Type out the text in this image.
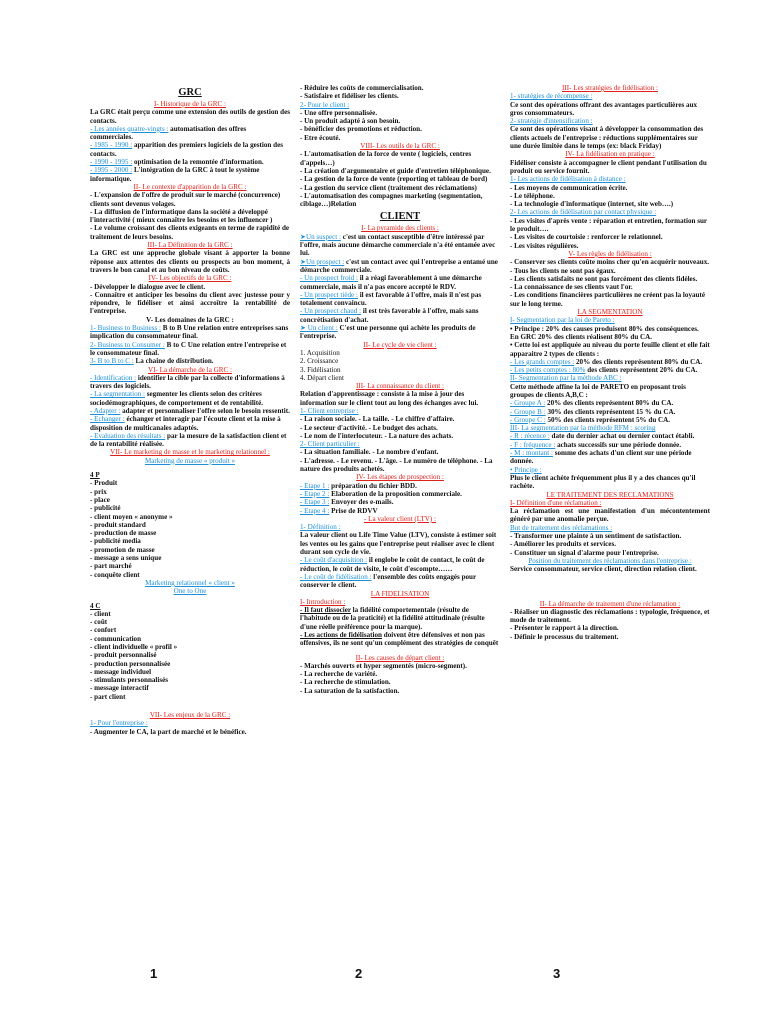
GRC
I- Historique de la GRC :
La GRC était perçu comme une extension des outils de gestion des contacts.
- Les années quatre-vingts : automatisation des offres commerciales.
- 1985 - 1990 : apparition des premiers logiciels de la gestion des contacts.
- 1990 - 1995 : optimisation de la remontée d'information.
- 1995 - 2000 : L'intégration de la GRC à tout le système informatique.
II- Le contexte d'apparition de la GRC :
- L'expansion de l'offre de produit sur le marché (concurrence) clients sont devenus volages.
- La diffusion de l'informatique dans la société a développé l'interactivité ( mieux connaître les besoins et les influencer )
- Le volume croissant des clients exigeants en terme de rapidité de traitement de leurs besoins.
III- La Définition de la GRC :
La GRC est une approche globale visant à apporter la bonne réponse aux attentes des clients ou prospects au bon moment, à travers le bon canal et au bon niveau de coûts.
IV- Les objectifs de la GRC :
- Développer le dialogue avec le client.
- Connaître et anticiper les besoins du client avec justesse pour y répondre, le fidéliser et ainsi accroître la rentabilité de l'entreprise.
V- Les domaines de la GRC :
1- Business to Business : B to B Une relation entre entreprises sans implication du consommateur final.
2- Business to Consumer : B to C Une relation entre l'entreprise et le consommateur final.
3- B to B to C : La chaine de distribution.
VI- La démarche de la GRC :
- Identification : identifier la cible par la collecte d'informations à travers des logiciels.
- La segmentation : segmenter les clients selon des critères sociodémographiques, de comportement et de rentabilité.
- Adapter : adapter et personnaliser l'offre selon le besoin ressentit.
- Echanger : échanger et interagir par l'écoute client et la mise à disposition de multicanales adaptés.
- Evaluation des résultats : par la mesure de la satisfaction client et de la rentabilité réalisée.
VII- Le marketing de masse et le marketing relationnel :
Marketing de masse « produit »
4 P
- Produit
- prix
- place
- publicité
- client moyen « anonyme »
- produit standard
- production de masse
- publicité media
- promotion de masse
- message a sens unique
- part marché
- conquête client
Marketing relationnel « client »
One to One
4 C
- client
- coût
- confort
- communication
- client individuelle « profil »
- produit personnalisé
- production personnalisée
- message individuel
- stimulants personnalisés
- message interactif
- part client
VII- Les enjeux de la GRC :
1- Pour l'entreprise :
- Augmenter le CA, la part de marché et le bénéfice.
- Réduire les coûts de commercialisation.
- Satisfaire et fidéliser les clients.
2- Pour le client :
- Une offre personnalisée.
- Un produit adapté à son besoin.
- bénéficier des promotions et réduction.
- Etre écouté.
VIII- Les outils de la GRC :
- L'automatisation de la force de vente ( logiciels, centres d'appels…)
- La création d'argumentaire et guide d'entretien téléphonique.
- La gestion de la force de vente (reporting et tableau de bord)
- La gestion du service client (traitement des réclamations)
- L'automatisation des compagnes marketing (segmentation, ciblage…)Relation
CLIENT
I- La pyramide des clients :
➤Un suspect : c'est un contact susceptible d'être intéressé par l'offre, mais aucune démarche commerciale n'a été entamée avec lui.
➤Un prospect : c'est un contact avec qui l'entreprise a entamé une démarche commerciale.
- Un prospect froid : il a réagi favorablement à une démarche commerciale, mais il n'a pas encore accepté le RDV.
- Un prospect tiède : il est favorable à l'offre, mais il n'est pas totalement convaincu.
- Un prospect chaud : il est très favorable à l'offre, mais sans concrétisation d'achat.
➤ Un client : C'est une personne qui achète les produits de l'entreprise.
II- Le cycle de vie client :
1. Acquisition
2. Croissance
3. Fidélisation
4. Départ client
III- La connaissance du client :
Relation d'apprentissage : consiste à la mise à jour des information sur le client tout au long des échanges avec lui.
1- Client entreprise :
- La raison sociale. - La taille. - Le chiffre d'affaire.
- Le secteur d'activité. - Le budget des achats.
- Le nom de l'interlocuteur. - La nature des achats.
2- Client particulier :
- La situation familiale. - Le nombre d'enfant.
- L'adresse. - Le revenu. - L'âge. - Le numéro de téléphone. - La nature des produits achetés.
IV- Les étapes de prospection :
- Etape 1 : préparation du fichier BDD.
- Etape 2 : Elaboration de la proposition commerciale.
- Etape 3 : Envoyer des e-mails.
- Etape 4 : Prise de RDVV
- La valeur client (LTV) :
1- Définition :
La valeur client ou Life Time Value (LTV), consiste à estimer soit les ventes ou les gains que l'entreprise peut réaliser avec le client durant son cycle de vie.
- Le coût d'acquisition : il englobe le coût de contact, le coût de réduction, le coût de visite, le coût d'escompte……
- Le coût de fidélisation : l'ensemble des coûts engagés pour conserver le client.
LA FIDELISATION
I- Introduction :
- Il faut dissocier la fidélité comportementale (résulte de l'habitude ou de la praticité) et la fidélité attitudinale (résulte d'une réelle préférence pour la marque).
- Les actions de fidélisation doivent être défensives et non pas offensives, ils ne sont qu'un complément des stratégies de conquêt
II- Les causes de départ client :
- Marchés ouverts et hyper segmentés (micro-segment).
- La recherche de variété.
- La recherche de stimulation.
- La saturation de la satisfaction.
III- Les stratégies de fidélisation :
1- stratégies de récompense :
Ce sont des opérations offrant des avantages particulières aux gros consommateurs.
2- stratégie d'intensification :
Ce sont des opérations visant à développer la consommation des clients actuels de l'entreprise : réductions supplémentaires sur une durée limitée dans le temps (ex: black Friday)
IV- La fidélisation en pratique :
Fidéliser consiste à accompagner le client pendant l'utilisation du produit ou service fournit.
1- Les actions de fidélisation à distance :
- Les moyens de communication écrite.
- Le téléphone.
- La technologie d'informatique (internet, site web….)
2- Les actions de fidélisation par contact physique :
- Les visites d'après vente : réparation et entretien, formation sur le produit….
- Les visites de courtoisie : renforcer le relationnel.
- Les visites régulières.
V- Les règles de fidélisation :
- Conserver ses clients coûte moins cher qu'en acquérir nouveaux.
- Tous les clients ne sont pas égaux.
- Les clients satisfaits ne sont pas forcément des clients fidèles.
- La connaissance de ses clients vaut l'or.
- Les conditions financières particulières ne créent pas la loyauté sur le long terme.
LA SEGMENTATION
I- Segmentation par la loi de Pareto :
• Principe : 20% des causes produisent 80% des conséquences.
En GRC 20% des clients réalisent 80% du CA.
• Cette loi est appliquée au niveau du porte feuille client et elle fait apparaitre 2 types de clients :
- Les grands comptes : 20% des clients représentent 80% du CA.
- Les petits comptes : 80% des clients représentent 20% du CA.
II- Segmentation par la méthode ABC :
Cette méthode affine la loi de PARETO en proposant trois groupes de clients A,B,C :
- Groupe A : 20% des clients représentent 80% du CA.
- Groupe B : 30% des clients représentent 15 % du CA.
- Groupe C : 50% des clients représentent 5% du CA.
III- La segmentation par la méthode RFM : scoring
- R : récence : date du dernier achat ou dernier contact établi.
- F : fréquence : achats successifs sur une période donnée.
- M : montant : somme des achats d'un client sur une période donnée.
• Principe :
Plus le client achète fréquemment plus il y a des chances qu'il rachète.
LE TRAITEMENT DES RECLAMATIONS
I- Définition d'une réclamation :
La réclamation est une manifestation d'un mécontentement généré par une anomalie perçue.
But de traitement des réclamations :
- Transformer une plainte à un sentiment de satisfaction.
- Améliorer les produits et services.
- Constituer un signal d'alarme pour l'entreprise.
Position du traitement des réclamations dans l'entreprise :
Service consommateur, service client, direction relation client.
II- La démarche de traitement d'une réclamation :
- Réaliser un diagnostic des réclamations : typologie, fréquence, et mode de traitement.
- Présenter le rapport à la direction.
- Définir le processus du traitement.
1	2	3
